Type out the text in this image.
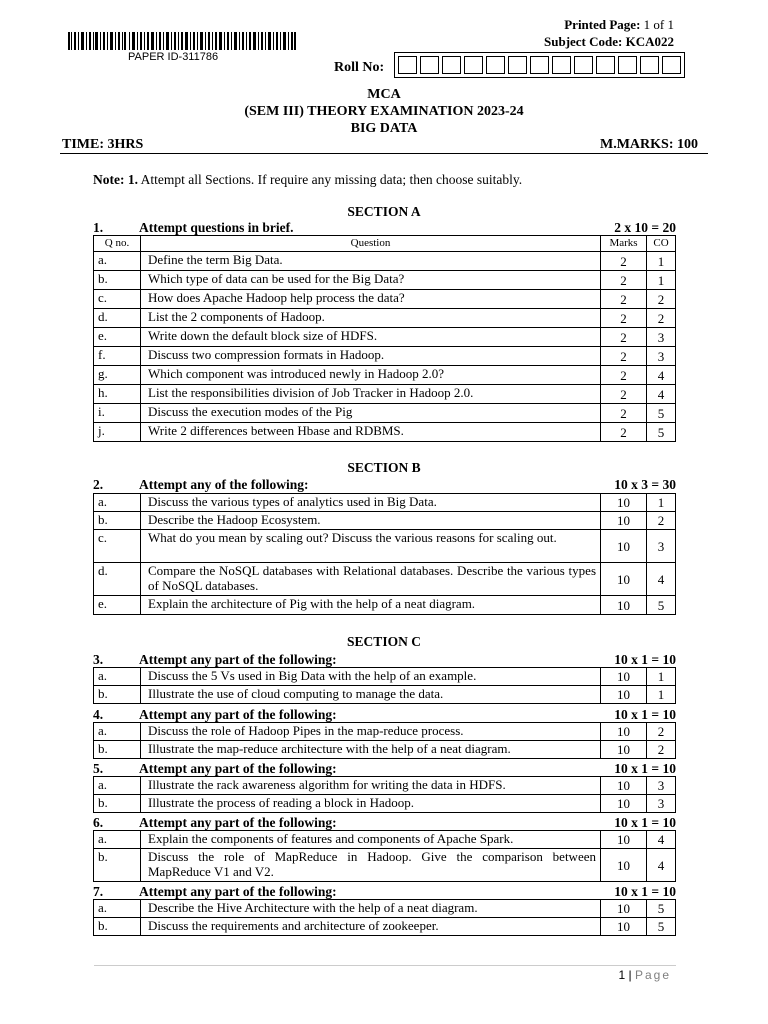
PAPER ID-311786
Printed Page: 1 of 1
Subject Code: KCA022
Roll No:
MCA
(SEM III) THEORY EXAMINATION 2023-24
BIG DATA
TIME: 3HRS	M.MARKS: 100
Note: 1. Attempt all Sections. If require any missing data; then choose suitably.
SECTION A
1.	Attempt questions in brief.	2 x 10 = 20
Q no.	Question	Marks	CO
a.	Define the term Big Data.	2	1
b.	Which type of data can be used for the Big Data?	2	1
c.	How does Apache Hadoop help process the data?	2	2
d.	List the 2 components of Hadoop.	2	2
e.	Write down the default block size of HDFS.	2	3
f.	Discuss two compression formats in Hadoop.	2	3
g.	Which component was introduced newly in Hadoop 2.0?	2	4
h.	List the responsibilities division of Job Tracker in Hadoop 2.0.	2	4
i.	Discuss the execution modes of the Pig	2	5
j.	Write 2 differences between Hbase and RDBMS.	2	5
SECTION B
2.	Attempt any of the following:	10 x 3 = 30
a.	Discuss the various types of analytics used in Big Data.	10	1
b.	Describe the Hadoop Ecosystem.	10	2
c.	What do you mean by scaling out? Discuss the various reasons for scaling out.	10	3
d.	Compare the NoSQL databases with Relational databases. Describe the various types of NoSQL databases.	10	4
e.	Explain the architecture of Pig with the help of a neat diagram.	10	5
SECTION C
3.	Attempt any part of the following:	10 x 1 = 10
a.	Discuss the 5 Vs used in Big Data with the help of an example.	10	1
b.	Illustrate the use of cloud computing to manage the data.	10	1
4.	Attempt any part of the following:	10 x 1 = 10
a.	Discuss the role of Hadoop Pipes in the map-reduce process.	10	2
b.	Illustrate the map-reduce architecture with the help of a neat diagram.	10	2
5.	Attempt any part of the following:	10 x 1 = 10
a.	Illustrate the rack awareness algorithm for writing the data in HDFS.	10	3
b.	Illustrate the process of reading a block in Hadoop.	10	3
6.	Attempt any part of the following:	10 x 1 = 10
a.	Explain the components of features and components of Apache Spark.	10	4
b.	Discuss the role of MapReduce in Hadoop. Give the comparison between MapReduce V1 and V2.	10	4
7.	Attempt any part of the following:	10 x 1 = 10
a.	Describe the Hive Architecture with the help of a neat diagram.	10	5
b.	Discuss the requirements and architecture of zookeeper.	10	5
1 | Page
